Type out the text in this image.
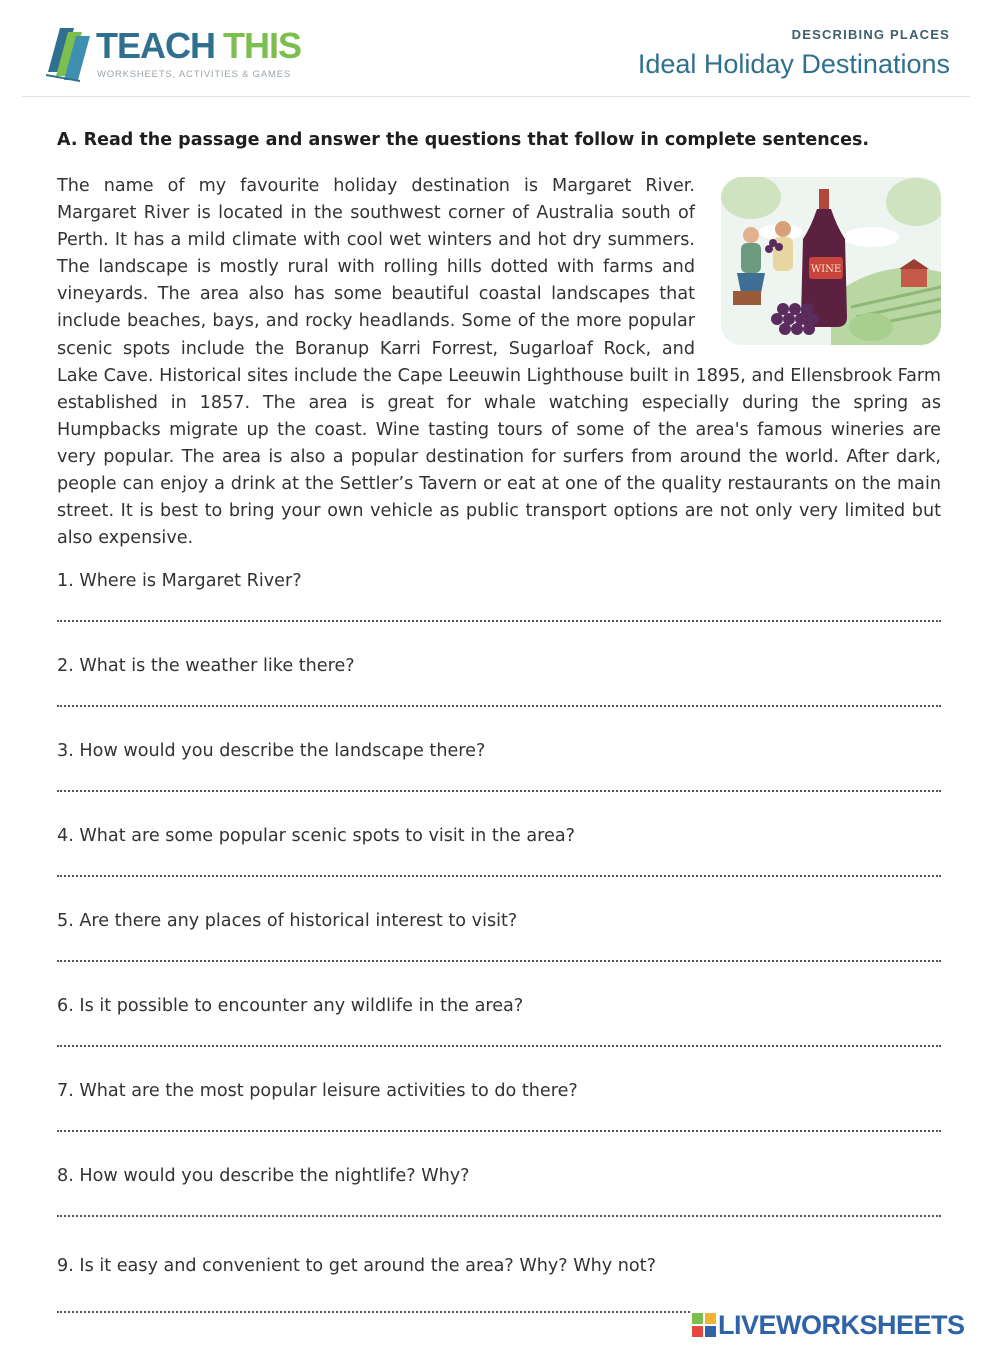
TEACH THIS
WORKSHEETS, ACTIVITIES & GAMES
DESCRIBING PLACES
Ideal Holiday Destinations
A. Read the passage and answer the questions that follow in complete sentences.
WINE
The name of my favourite holiday destination is Margaret River. Margaret River is located in the southwest corner of Australia south of Perth. It has a mild climate with cool wet winters and hot dry summers. The landscape is mostly rural with rolling hills dotted with farms and vineyards. The area also has some beautiful coastal landscapes that include beaches, bays, and rocky headlands. Some of the more popular scenic spots include the Boranup Karri Forrest, Sugarloaf Rock, and Lake Cave. Historical sites include the Cape Leeuwin Lighthouse built in 1895, and Ellensbrook Farm established in 1857. The area is great for whale watching especially during the spring as Humpbacks migrate up the coast. Wine tasting tours of some of the area's famous wineries are very popular. The area is also a popular destination for surfers from around the world. After dark, people can enjoy a drink at the Settler’s Tavern or eat at one of the quality restaurants on the main street. It is best to bring your own vehicle as public transport options are not only very limited but also expensive.
1. Where is Margaret River?
2. What is the weather like there?
3. How would you describe the landscape there?
4. What are some popular scenic spots to visit in the area?
5. Are there any places of historical interest to visit?
6. Is it possible to encounter any wildlife in the area?
7. What are the most popular leisure activities to do there?
8. How would you describe the nightlife? Why?
9. Is it easy and convenient to get around the area? Why? Why not?
LIVEWORKSHEETS
